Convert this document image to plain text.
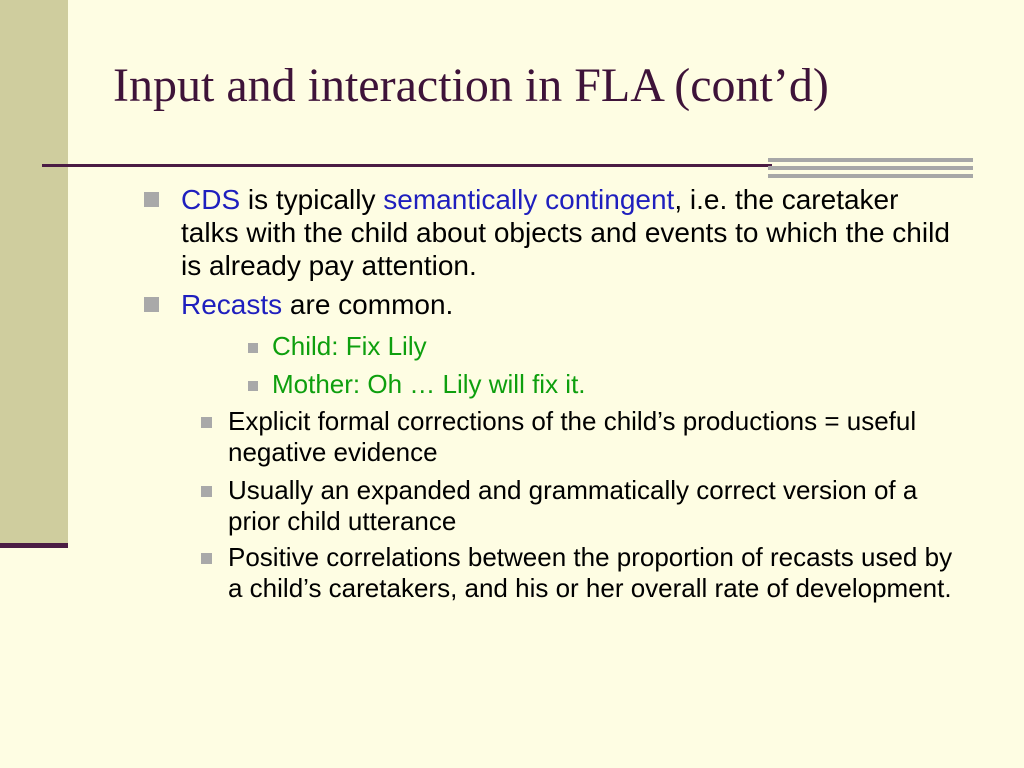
Input and interaction in FLA (cont’d)

CDS is typically semantically contingent, i.e. the caretaker talks with the child about objects and events to which the child is already pay attention.

Recasts are common.

Child: Fix Lily

Mother: Oh … Lily will fix it.

Explicit formal corrections of the child’s productions = useful negative evidence

Usually an expanded and grammatically correct version of a prior child utterance

Positive correlations between the proportion of recasts used by a child’s caretakers, and his or her overall rate of development.
